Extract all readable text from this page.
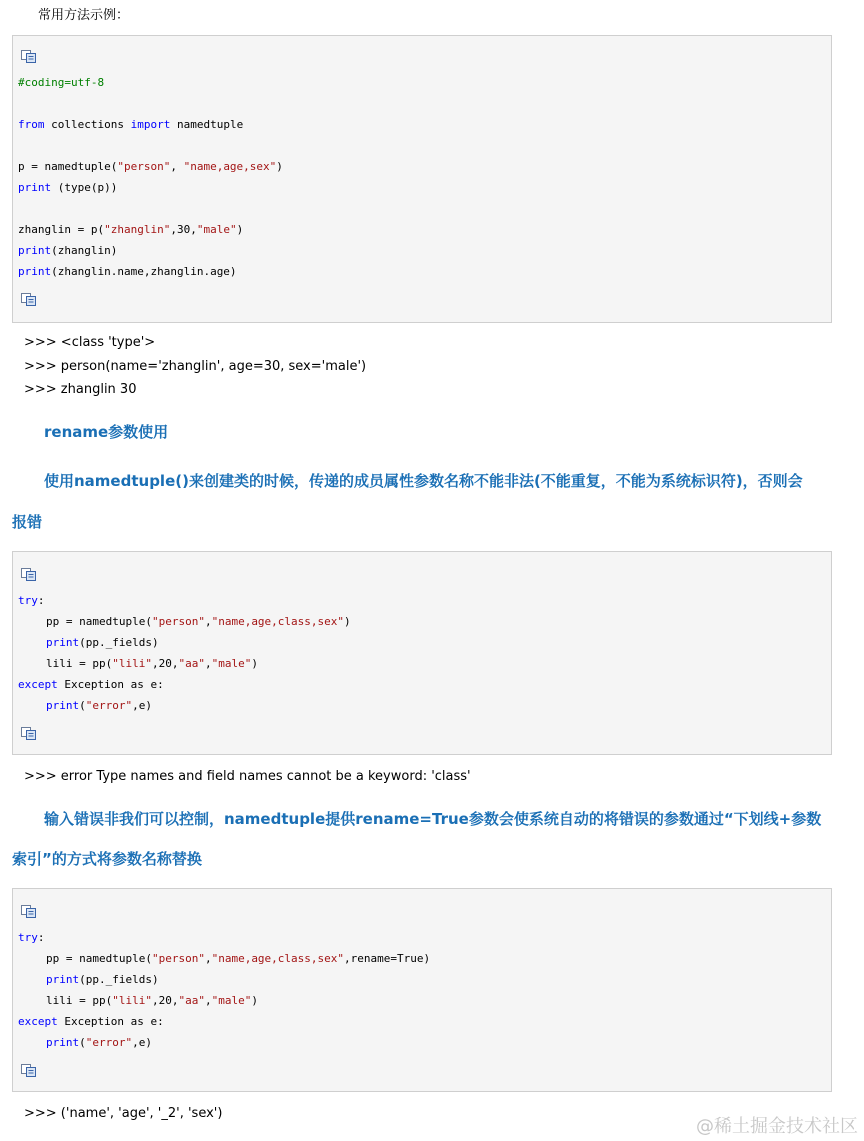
常用方法示例：
#coding=utf-8
from collections import namedtuple
p = namedtuple("person", "name,age,sex")
print (type(p))
zhanglin = p("zhanglin",30,"male")
print(zhanglin)
print(zhanglin.name,zhanglin.age)
>>> <class 'type'>
>>> person(name='zhanglin', age=30, sex='male')
>>> zhanglin 30
rename参数使用
使用namedtuple()来创建类的时候，传递的成员属性参数名称不能非法(不能重复，不能为系统标识符)，否则会
报错
try:
pp = namedtuple("person","name,age,class,sex")
print(pp._fields)
lili = pp("lili",20,"aa","male")
except Exception as e:
print("error",e)
>>> error Type names and field names cannot be a keyword: 'class'
输入错误非我们可以控制，namedtuple提供rename=True参数会使系统自动的将错误的参数通过“下划线+参数
索引”的方式将参数名称替换
try:
pp = namedtuple("person","name,age,class,sex",rename=True)
print(pp._fields)
lili = pp("lili",20,"aa","male")
except Exception as e:
print("error",e)
>>> ('name', 'age', '_2', 'sex')
@稀土掘金技术社区
